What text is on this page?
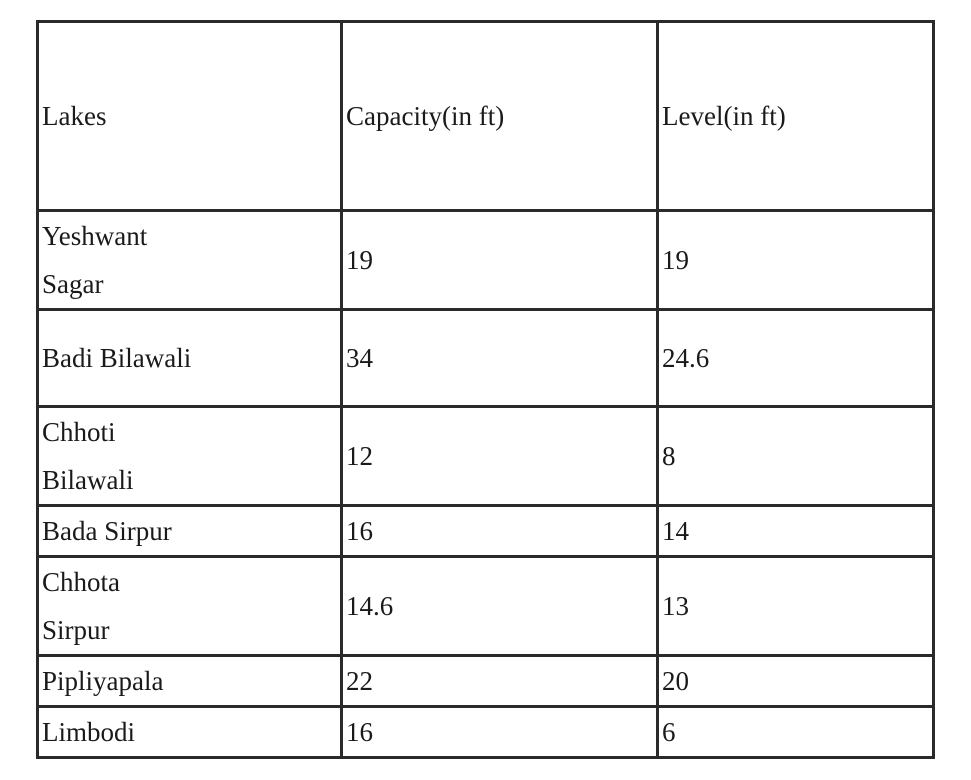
Lakes	Capacity(in ft)	Level(in ft)

Yeshwant Sagar	19	19

Badi Bilawali	34	24.6

Chhoti Bilawali	12	8
Bada Sirpur	16	14

Chhota Sirpur	14.6	13
Pipliyapala	22	20
Limbodi	16	6
